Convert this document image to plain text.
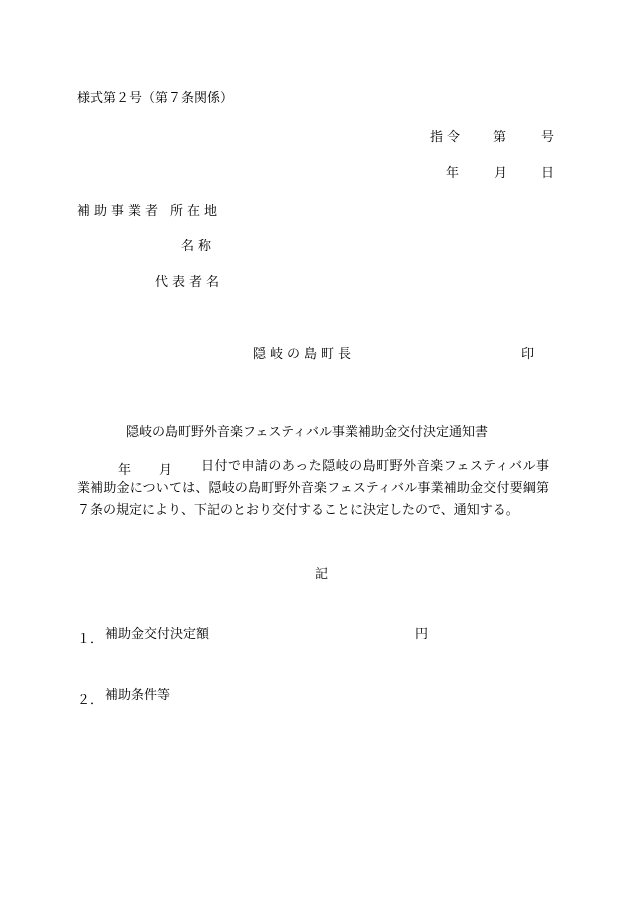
様式第２号（第７条関係）
指令 第	号
年	月	日
補助事業者 所在地
名称
代表者名
隠岐の島町長	印
隠岐の島町野外音楽フェスティバル事業補助金交付決定通知書
年 月	日付で申請のあった隠岐の島町野外音楽フェスティバル事業補助金については、隠岐の島町野外音楽フェスティバル事業補助金交付要綱第７条の規定により、下記のとおり交付することに決定したので、通知する。

記
１． 補助金交付決定額	円
２． 補助条件等
